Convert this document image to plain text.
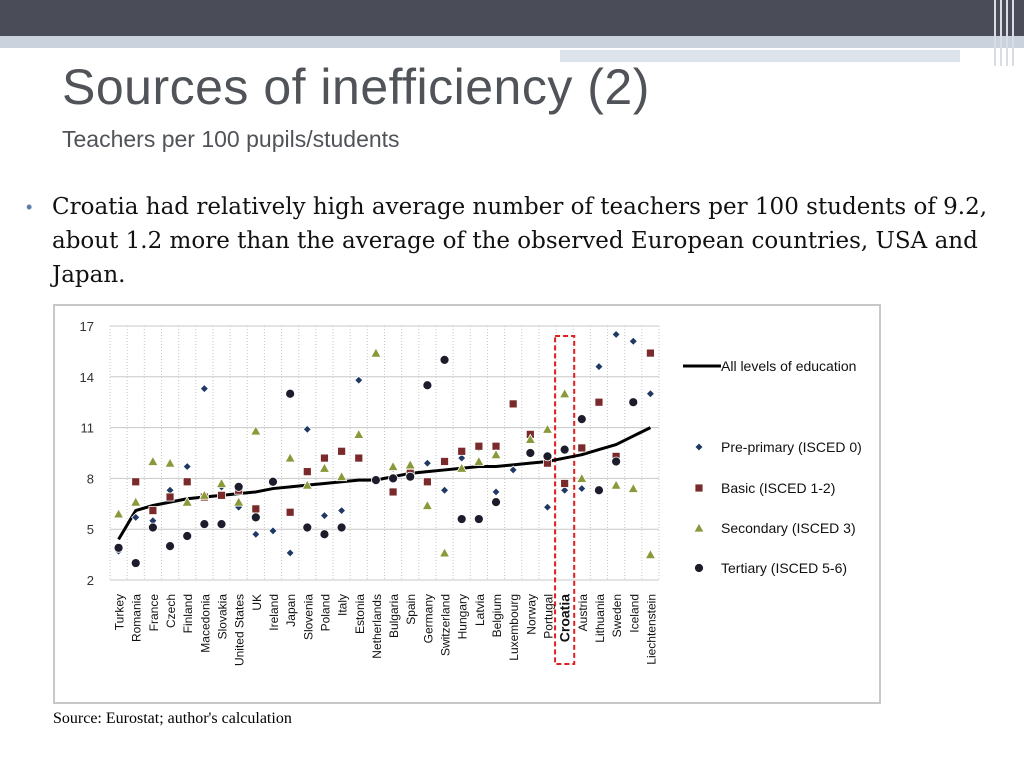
Sources of inefficiency (2)
Teachers per 100 pupils/students
• Croatia had relatively high average number of teachers per 100 students of 9.2, about 1.2 more than the average of the observed European countries, USA and Japan.
2
5
8
11
14
17
Turkey Romania France Czech Finland Macedonia Slovakia United States UK Ireland Japan Slovenia Poland Italy Estonia Netherlands Bulgaria Spain Germany Switzerland Hungary Latvia Belgium Luxembourg Norway Portugal Croatia Austria Lithuania Sweden Iceland Liechtenstein
All levels of education
Pre-primary (ISCED 0)
Basic (ISCED 1-2)
Secondary (ISCED 3)
Tertiary (ISCED 5-6)
Source: Eurostat; author's calculation
